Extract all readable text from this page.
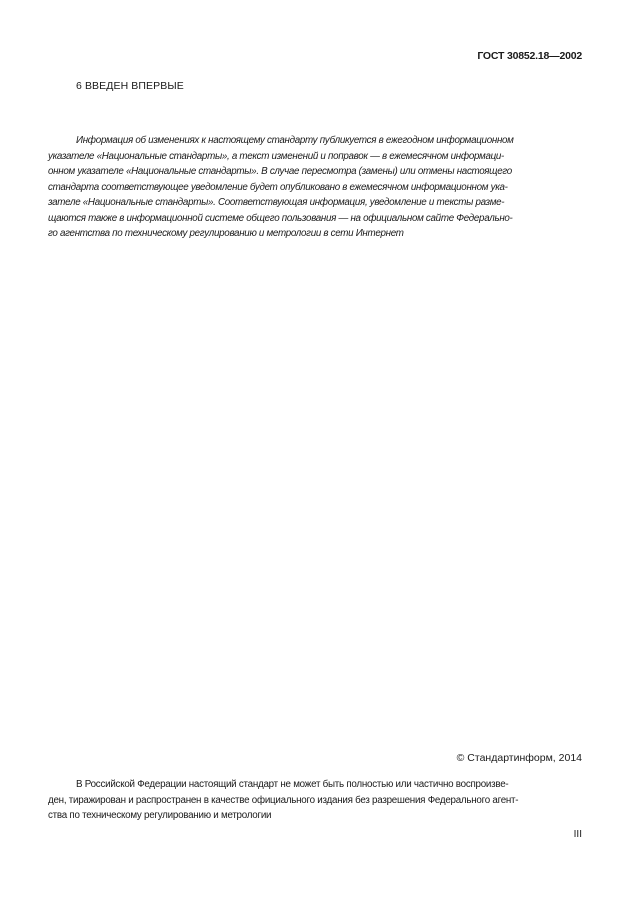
ГОСТ 30852.18—2002
6 ВВЕДЕН ВПЕРВЫЕ
Информация об изменениях к настоящему стандарту публикуется в ежегодном информационном
указателе «Национальные стандарты», а текст изменений и поправок — в ежемесячном информаци-
онном указателе «Национальные стандарты». В случае пересмотра (замены) или отмены настоящего
стандарта соответствующее уведомление будет опубликовано в ежемесячном информационном ука-
зателе «Национальные стандарты». Соответствующая информация, уведомление и тексты разме-
щаются также в информационной системе общего пользования — на официальном сайте Федерально-
го агентства по техническому регулированию и метрологии в сети Интернет
© Стандартинформ, 2014
В Российской Федерации настоящий стандарт не может быть полностью или частично воспроизве-
ден, тиражирован и распространен в качестве официального издания без разрешения Федерального агент-
ства по техническому регулированию и метрологии
III
